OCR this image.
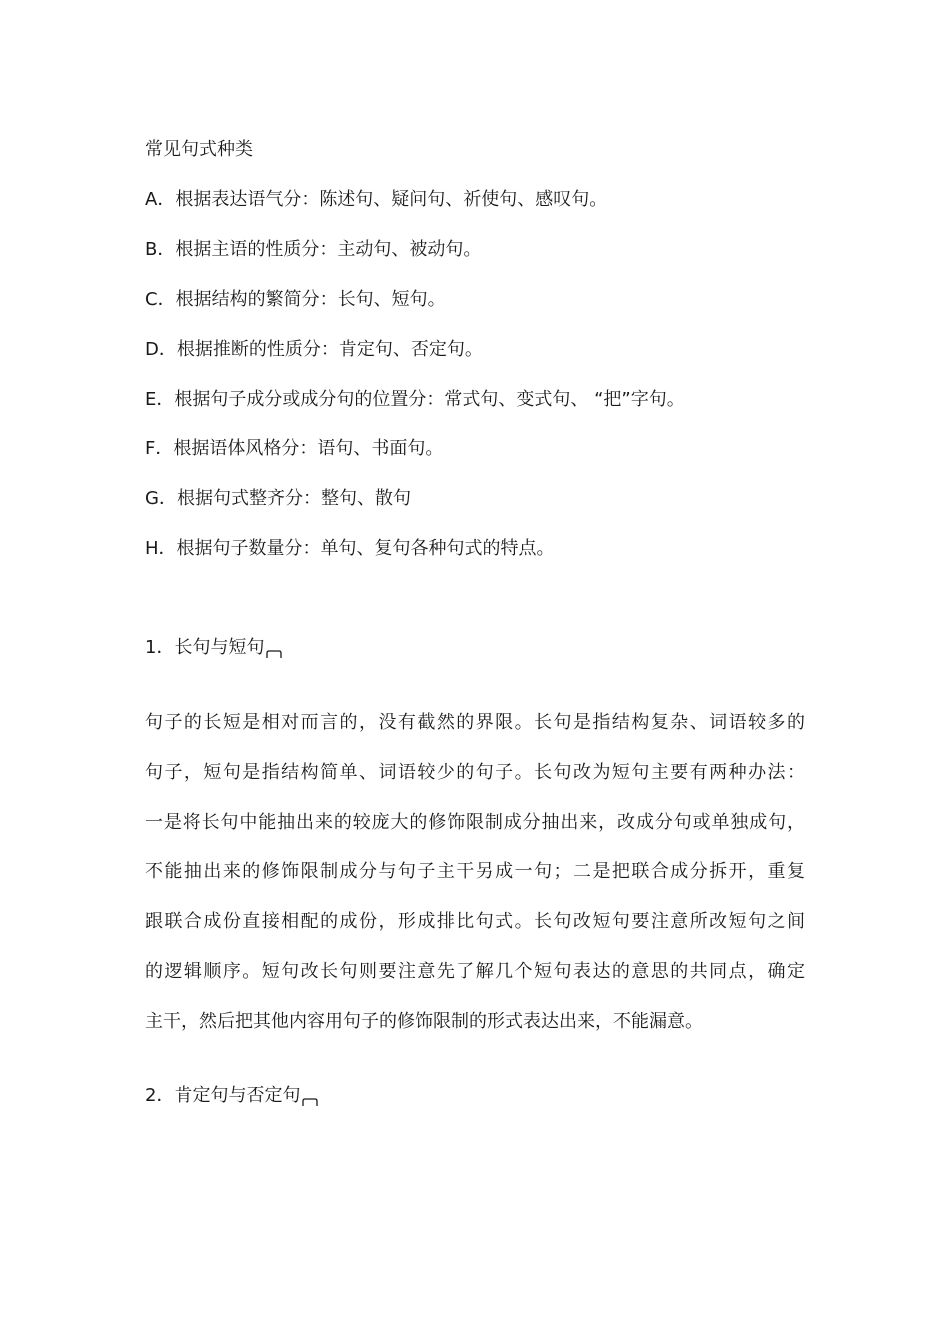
常见句式种类
A．根据表达语气分：陈述句、疑问句、祈使句、感叹句。
B．根据主语的性质分：主动句、被动句。
C．根据结构的繁简分：长句、短句。
D．根据推断的性质分：肯定句、否定句。
E．根据句子成分或成分句的位置分：常式句、变式句、 “把”字句。
F．根据语体风格分：语句、书面句。
G．根据句式整齐分：整句、散句
H．根据句子数量分：单句、复句各种句式的特点。
1．长句与短句
句子的长短是相对而言的，没有截然的界限。长句是指结构复杂、词语较多的
句子，短句是指结构简单、词语较少的句子。长句改为短句主要有两种办法：
一是将长句中能抽出来的较庞大的修饰限制成分抽出来，改成分句或单独成句，
不能抽出来的修饰限制成分与句子主干另成一句；二是把联合成分拆开，重复
跟联合成份直接相配的成份，形成排比句式。长句改短句要注意所改短句之间
的逻辑顺序。短句改长句则要注意先了解几个短句表达的意思的共同点，确定
主干，然后把其他内容用句子的修饰限制的形式表达出来，不能漏意。
2．肯定句与否定句
